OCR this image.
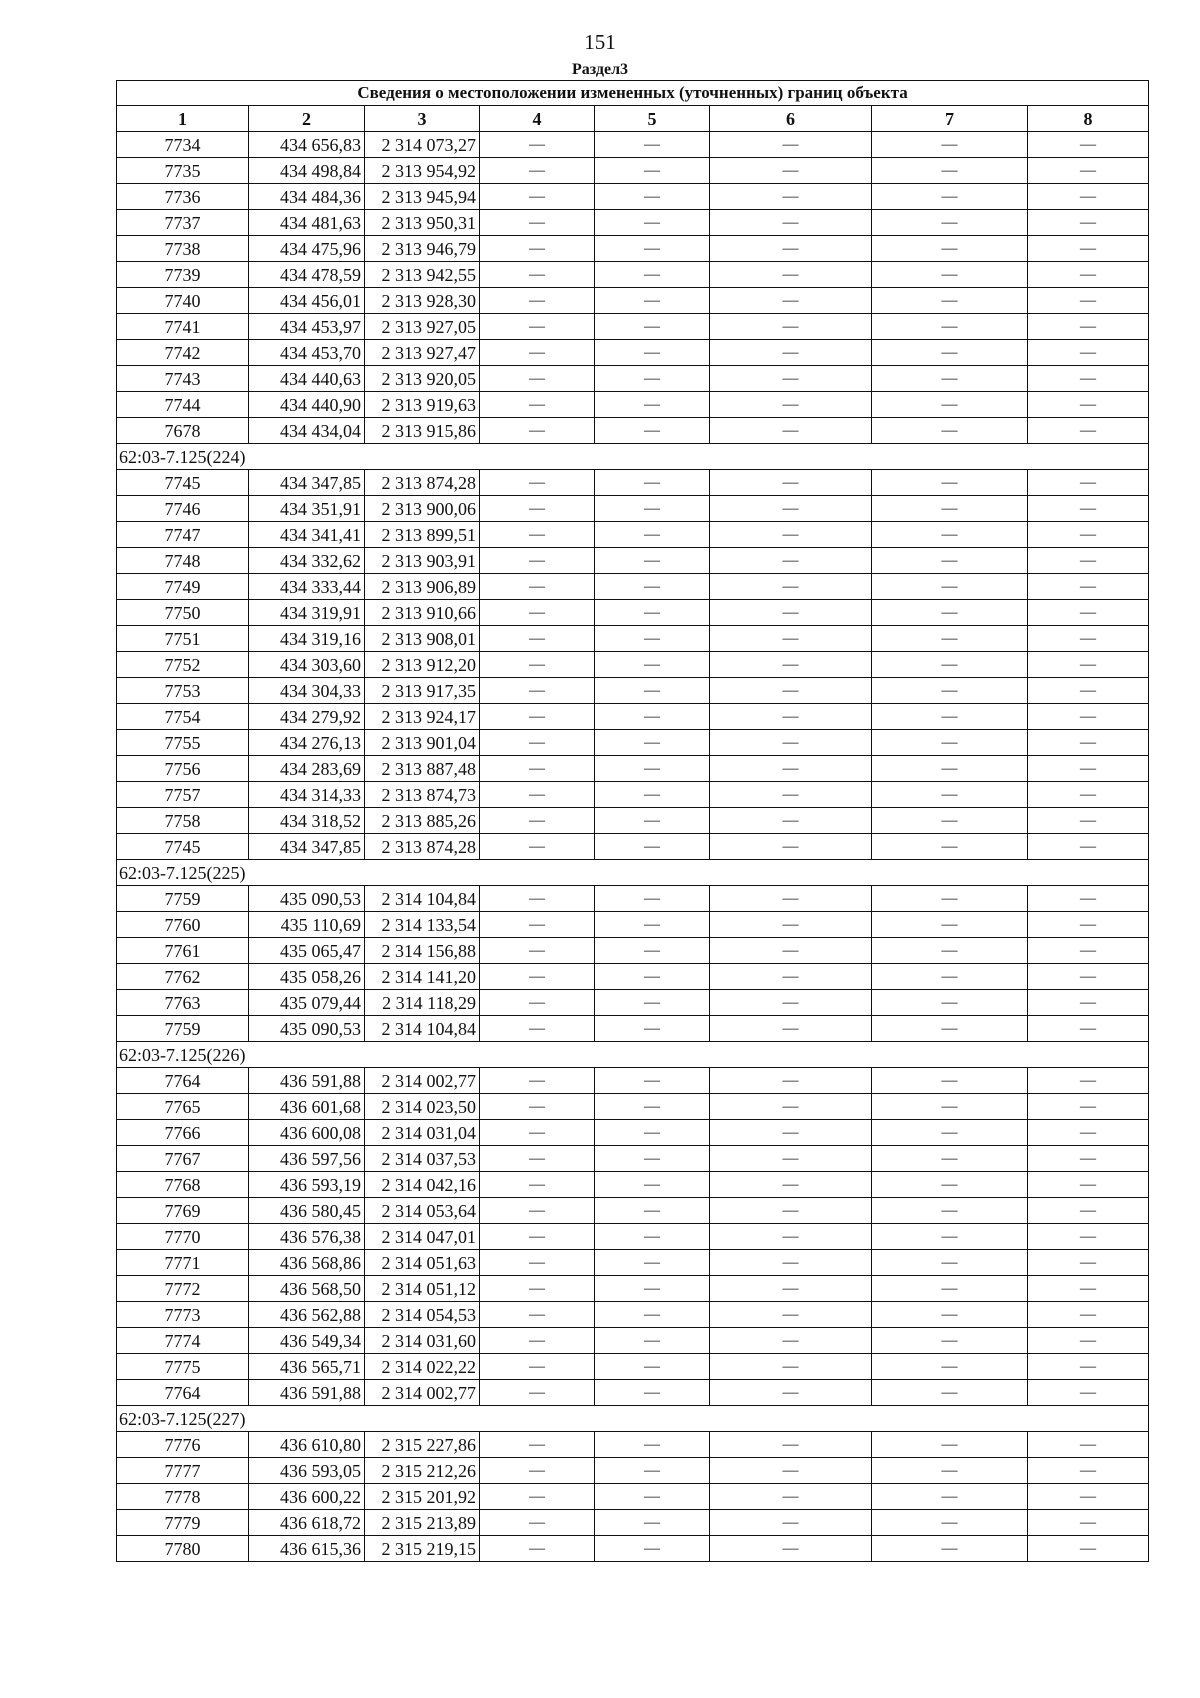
151
Раздел3
Сведения о местоположении измененных (уточненных) границ объекта							
1	2	3	4	5	6	7	8
7734	434 656,83	2 314 073,27	—	—	—	—	—
7735	434 498,84	2 313 954,92	—	—	—	—	—
7736	434 484,36	2 313 945,94	—	—	—	—	—
7737	434 481,63	2 313 950,31	—	—	—	—	—
7738	434 475,96	2 313 946,79	—	—	—	—	—
7739	434 478,59	2 313 942,55	—	—	—	—	—
7740	434 456,01	2 313 928,30	—	—	—	—	—
7741	434 453,97	2 313 927,05	—	—	—	—	—
7742	434 453,70	2 313 927,47	—	—	—	—	—
7743	434 440,63	2 313 920,05	—	—	—	—	—
7744	434 440,90	2 313 919,63	—	—	—	—	—
7678	434 434,04	2 313 915,86	—	—	—	—	—
62:03-7.125(224)							
7745	434 347,85	2 313 874,28	—	—	—	—	—
7746	434 351,91	2 313 900,06	—	—	—	—	—
7747	434 341,41	2 313 899,51	—	—	—	—	—
7748	434 332,62	2 313 903,91	—	—	—	—	—
7749	434 333,44	2 313 906,89	—	—	—	—	—
7750	434 319,91	2 313 910,66	—	—	—	—	—
7751	434 319,16	2 313 908,01	—	—	—	—	—
7752	434 303,60	2 313 912,20	—	—	—	—	—
7753	434 304,33	2 313 917,35	—	—	—	—	—
7754	434 279,92	2 313 924,17	—	—	—	—	—
7755	434 276,13	2 313 901,04	—	—	—	—	—
7756	434 283,69	2 313 887,48	—	—	—	—	—
7757	434 314,33	2 313 874,73	—	—	—	—	—
7758	434 318,52	2 313 885,26	—	—	—	—	—
7745	434 347,85	2 313 874,28	—	—	—	—	—
62:03-7.125(225)							
7759	435 090,53	2 314 104,84	—	—	—	—	—
7760	435 110,69	2 314 133,54	—	—	—	—	—
7761	435 065,47	2 314 156,88	—	—	—	—	—
7762	435 058,26	2 314 141,20	—	—	—	—	—
7763	435 079,44	2 314 118,29	—	—	—	—	—
7759	435 090,53	2 314 104,84	—	—	—	—	—
62:03-7.125(226)							
7764	436 591,88	2 314 002,77	—	—	—	—	—
7765	436 601,68	2 314 023,50	—	—	—	—	—
7766	436 600,08	2 314 031,04	—	—	—	—	—
7767	436 597,56	2 314 037,53	—	—	—	—	—
7768	436 593,19	2 314 042,16	—	—	—	—	—
7769	436 580,45	2 314 053,64	—	—	—	—	—
7770	436 576,38	2 314 047,01	—	—	—	—	—
7771	436 568,86	2 314 051,63	—	—	—	—	—
7772	436 568,50	2 314 051,12	—	—	—	—	—
7773	436 562,88	2 314 054,53	—	—	—	—	—
7774	436 549,34	2 314 031,60	—	—	—	—	—
7775	436 565,71	2 314 022,22	—	—	—	—	—
7764	436 591,88	2 314 002,77	—	—	—	—	—
62:03-7.125(227)							
7776	436 610,80	2 315 227,86	—	—	—	—	—
7777	436 593,05	2 315 212,26	—	—	—	—	—
7778	436 600,22	2 315 201,92	—	—	—	—	—
7779	436 618,72	2 315 213,89	—	—	—	—	—
7780	436 615,36	2 315 219,15	—	—	—	—	—
